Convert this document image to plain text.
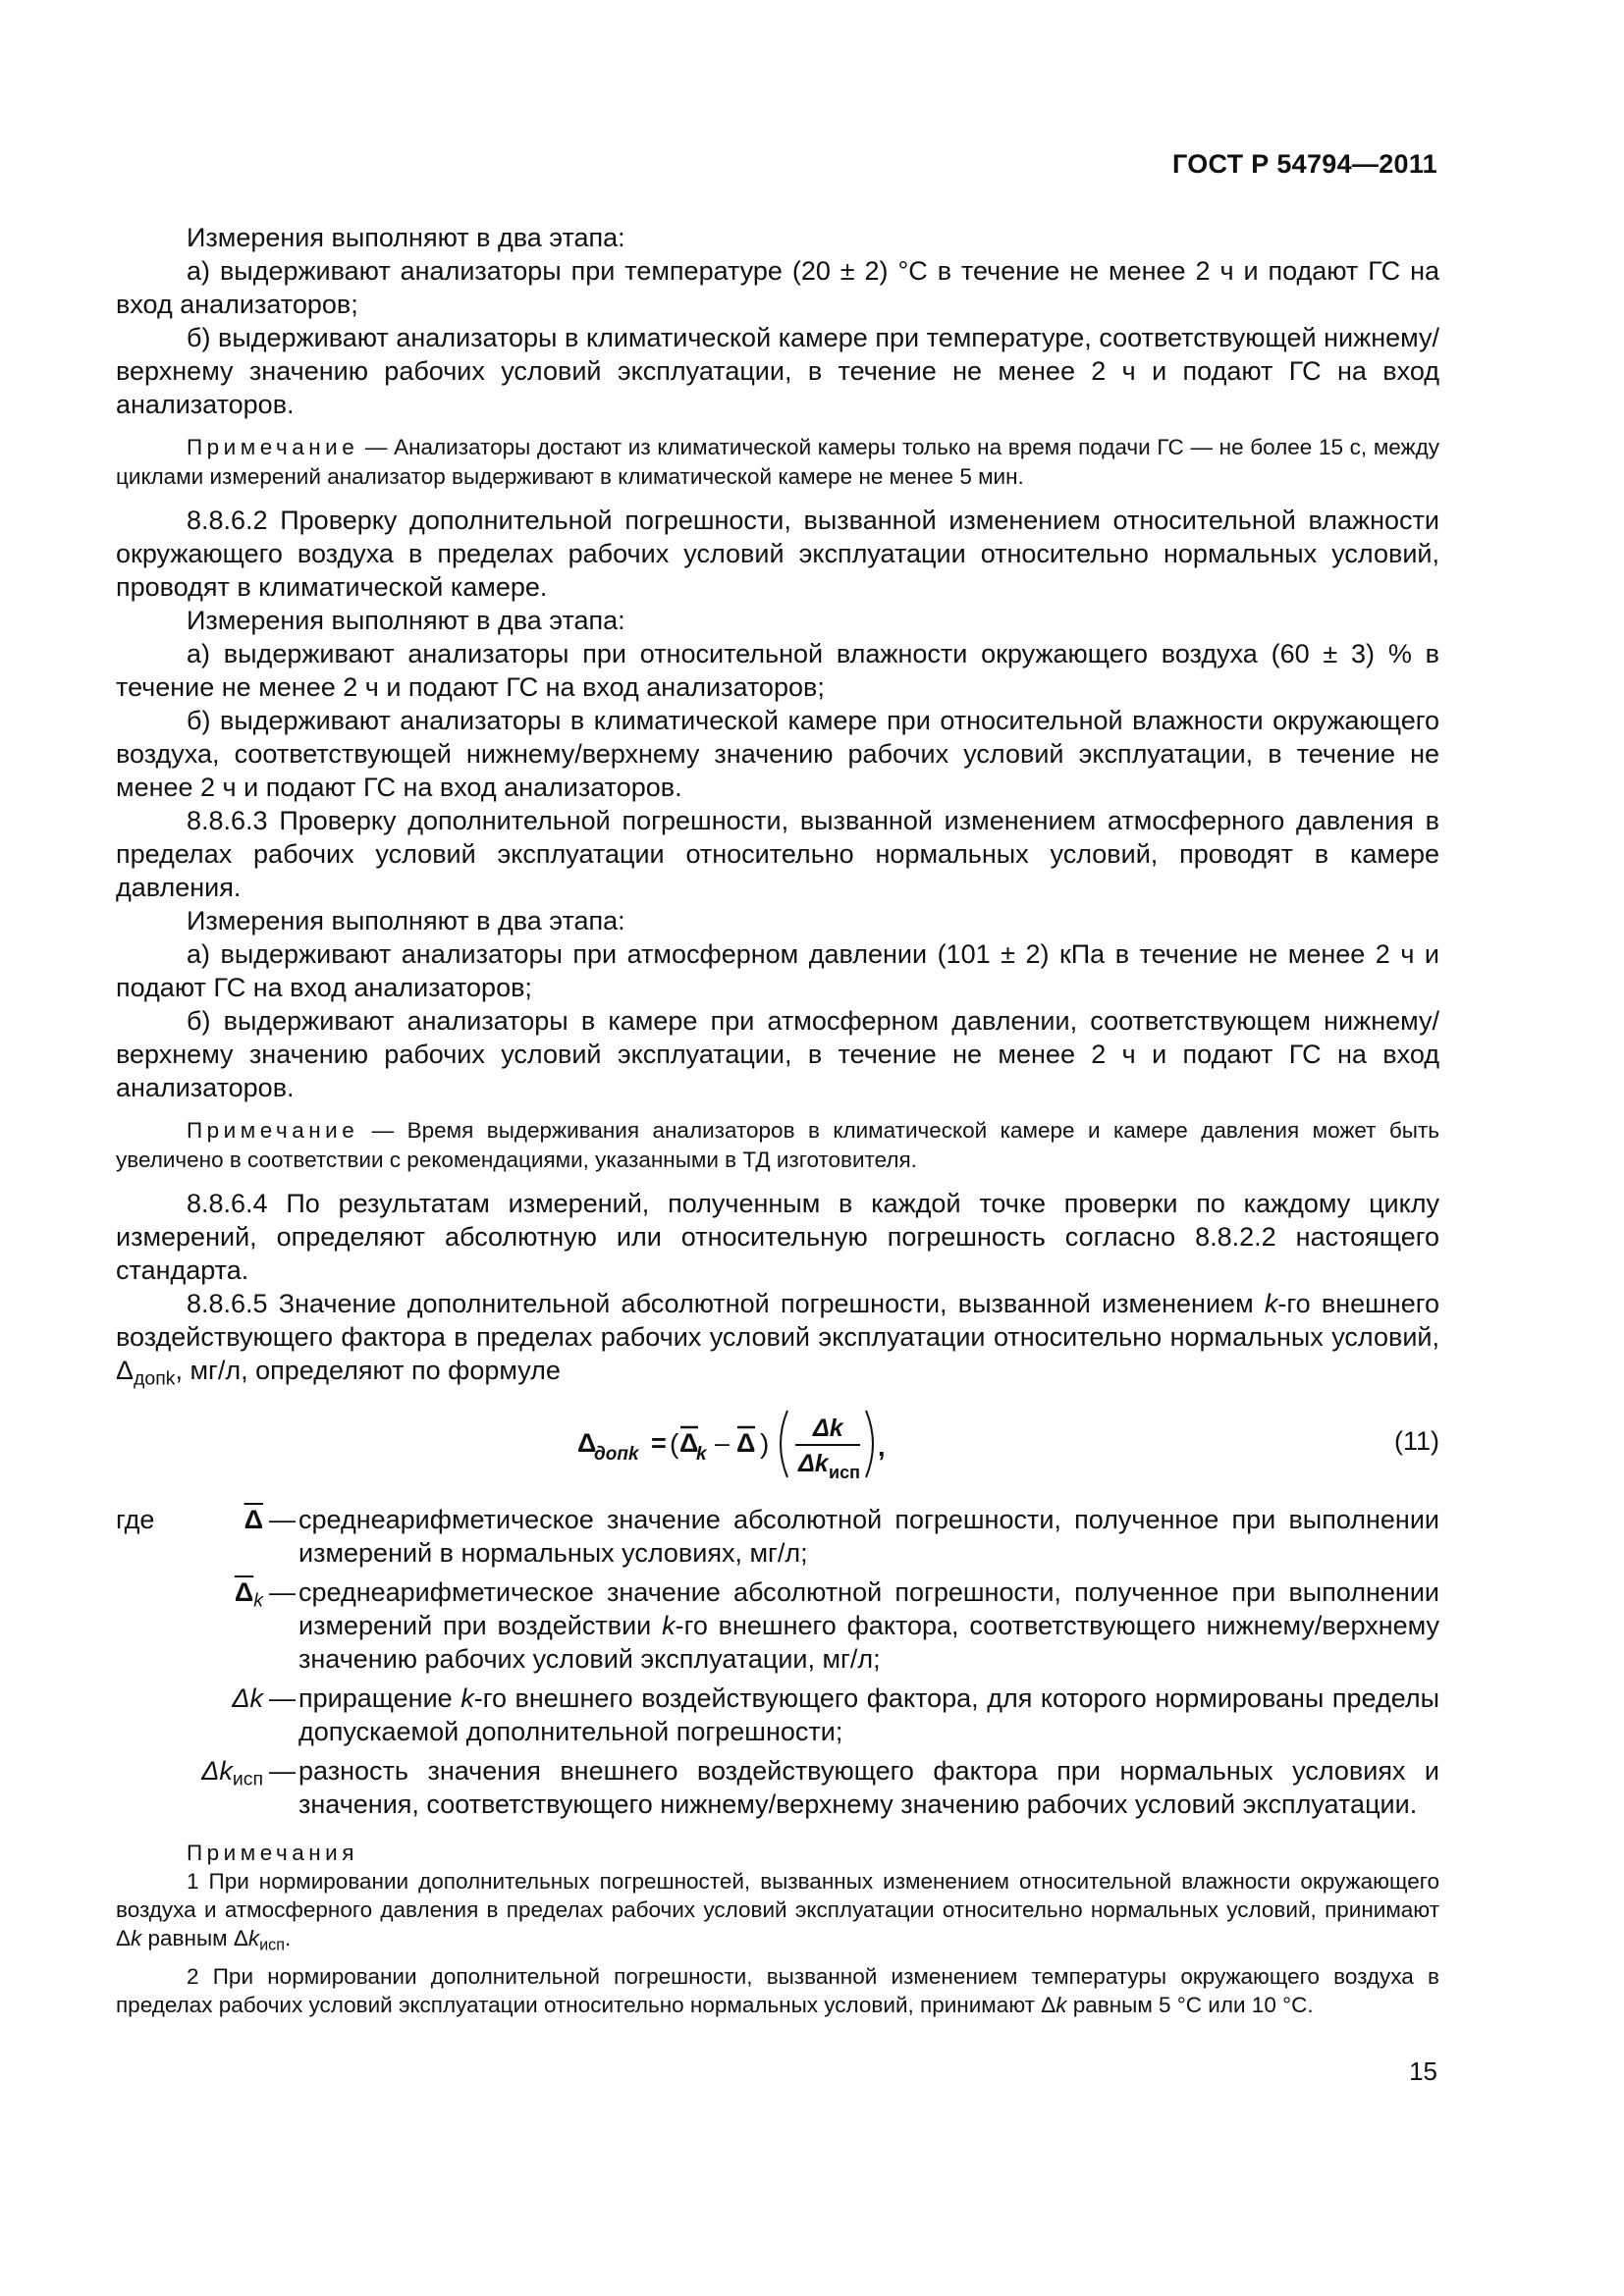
ГОСТ Р 54794—2011

Измерения выполняют в два этапа:

а) выдерживают анализаторы при температуре (20 ± 2) °C в течение не менее 2 ч и подают ГС на вход анализаторов;

б) выдерживают анализаторы в климатической камере при температуре, соответствующей нижнему/верхнему значению рабочих условий эксплуатации, в течение не менее 2 ч и подают ГС на вход анализаторов.

Примечание — Анализаторы достают из климатической камеры только на время подачи ГС — не более 15 с, между циклами измерений анализатор выдерживают в климатической камере не менее 5 мин.

8.8.6.2 Проверку дополнительной погрешности, вызванной изменением относительной влажности окружающего воздуха в пределах рабочих условий эксплуатации относительно нормальных условий, проводят в климатической камере.

Измерения выполняют в два этапа:

а) выдерживают анализаторы при относительной влажности окружающего воздуха (60 ± 3) % в течение не менее 2 ч и подают ГС на вход анализаторов;

б) выдерживают анализаторы в климатической камере при относительной влажности окружающего воздуха, соответствующей нижнему/верхнему значению рабочих условий эксплуатации, в течение не менее 2 ч и подают ГС на вход анализаторов.

8.8.6.3 Проверку дополнительной погрешности, вызванной изменением атмосферного давления в пределах рабочих условий эксплуатации относительно нормальных условий, проводят в камере давления.

Измерения выполняют в два этапа:

а) выдерживают анализаторы при атмосферном давлении (101 ± 2) кПа в течение не менее 2 ч и подают ГС на вход анализаторов;

б) выдерживают анализаторы в камере при атмосферном давлении, соответствующем нижнему/верхнему значению рабочих условий эксплуатации, в течение не менее 2 ч и подают ГС на вход анализаторов.

Примечание — Время выдерживания анализаторов в климатической камере и камере давления может быть увеличено в соответствии с рекомендациями, указанными в ТД изготовителя.

8.8.6.4 По результатам измерений, полученным в каждой точке проверки по каждому циклу измерений, определяют абсолютную или относительную погрешность согласно 8.8.2.2 настоящего стандарта.

8.8.6.5 Значение дополнительной абсолютной погрешности, вызванной изменением k-го внешнего воздействующего фактора в пределах рабочих условий эксплуатации относительно нормальных условий, $\Delta_{допk}$, мг/л, определяют по формуле

Δ
допk = ( Δ
k – Δ ) Δk
Δk исп
,	(11)
где	$\overline{\Delta}$ — среднеарифметическое значение абсолютной погрешности, полученное при выполнении измерений в нормальных условиях, мг/л;
$\overline{\Delta}_k$ — среднеарифметическое значение абсолютной погрешности, полученное при выполнении измерений при воздействии k-го внешнего фактора, соответствующего нижнему/верхнему значению рабочих условий эксплуатации, мг/л;
Δk — приращение k-го внешнего воздействующего фактора, для которого нормированы пределы допускаемой дополнительной погрешности;
$\Delta k_{исп}$ — разность значения внешнего воздействующего фактора при нормальных условиях и значения, соответствующего нижнему/верхнему значению рабочих условий эксплуатации.

Примечания

1 При нормировании дополнительных погрешностей, вызванных изменением относительной влажности окружающего воздуха и атмосферного давления в пределах рабочих условий эксплуатации относительно нормальных условий, принимают Δk равным $\Delta k_{исп}$.

2 При нормировании дополнительной погрешности, вызванной изменением температуры окружающего воздуха в пределах рабочих условий эксплуатации относительно нормальных условий, принимают Δk равным 5 °C или 10 °C.

15
